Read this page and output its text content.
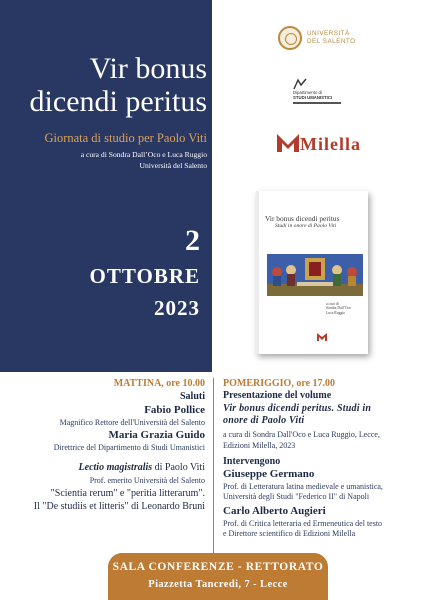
Vir bonus
dicendi peritus
Giornata di studio per Paolo Viti
a cura di Sondra Dall’Oco e Luca Ruggio
Università del Salento
2
OTTOBRE
2023
UNIVERSITÀ
DEL SALENTO
Dipartimento di
STUDI UMANISTICI
Milella
Vir bonus dicendi peritus
Studi in onore di Paolo Viti
a cura di
Sondra Dall’Oco
Luca Ruggio
MATTINA, ore 10.00 POMERIGGIO, ore 17.00
Saluti
Fabio Pollice
Magnifico Rettore dell'Università del Salento
Maria Grazia Guido
Direttrice del Dipartimento di Studi Umanistici
Lectio magistralis di Paolo Viti
Prof. emerito Università del Salento
"Scientia rerum" e "peritia litterarum".
Il "De studiis et litteris" di Leonardo Bruni
Presentazione del volume
Vir bonus dicendi peritus. Studi in
onore di Paolo Viti
a cura di Sondra Dall'Oco e Luca Ruggio, Lecce,
Edizioni Milella, 2023
Intervengono
Giuseppe Germano
Prof. di Letteratura latina medievale e umanistica,
Università degli Studi "Federico II" di Napoli
Carlo Alberto Augieri
Prof. di Critica letteraria ed Ermeneutica del testo
e Direttore scientifico di Edizioni Milella
SALA CONFERENZE - RETTORATO
Piazzetta Tancredi, 7 - Lecce
